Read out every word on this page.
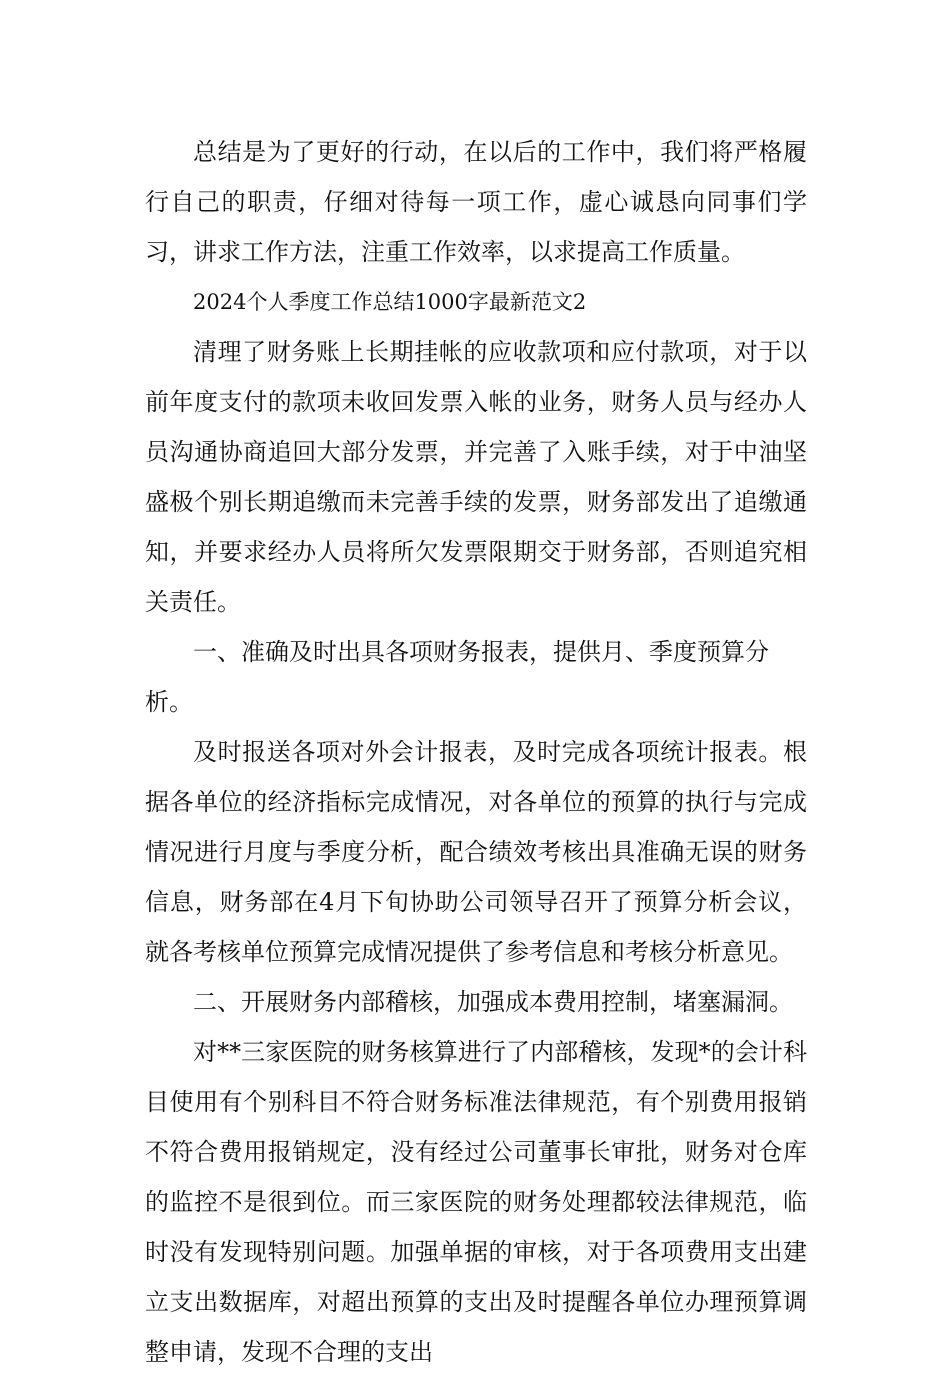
总结是为了更好的行动，在以后的工作中，我们将严格履行自己的职责，仔细对待每一项工作，虚心诚恳向同事们学习，讲求工作方法，注重工作效率，以求提高工作质量。

2024个人季度工作总结1000字最新范文2

清理了财务账上长期挂帐的应收款项和应付款项，对于以前年度支付的款项未收回发票入帐的业务，财务人员与经办人员沟通协商追回大部分发票，并完善了入账手续，对于中油坚盛极个别长期追缴而未完善手续的发票，财务部发出了追缴通知，并要求经办人员将所欠发票限期交于财务部，否则追究相关责任。

一、准确及时出具各项财务报表，提供月、季度预算分析。

及时报送各项对外会计报表，及时完成各项统计报表。根据各单位的经济指标完成情况，对各单位的预算的执行与完成情况进行月度与季度分析，配合绩效考核出具准确无误的财务信息，财务部在4月下旬协助公司领导召开了预算分析会议，就各考核单位预算完成情况提供了参考信息和考核分析意见。

二、开展财务内部稽核，加强成本费用控制，堵塞漏洞。

对**三家医院的财务核算进行了内部稽核，发现*的会计科目使用有个别科目不符合财务标准法律规范，有个别费用报销不符合费用报销规定，没有经过公司董事长审批，财务对仓库的监控不是很到位。而三家医院的财务处理都较法律规范，临时没有发现特别问题。加强单据的审核，对于各项费用支出建立支出数据库，对超出预算的支出及时提醒各单位办理预算调整申请，发现不合理的支出
